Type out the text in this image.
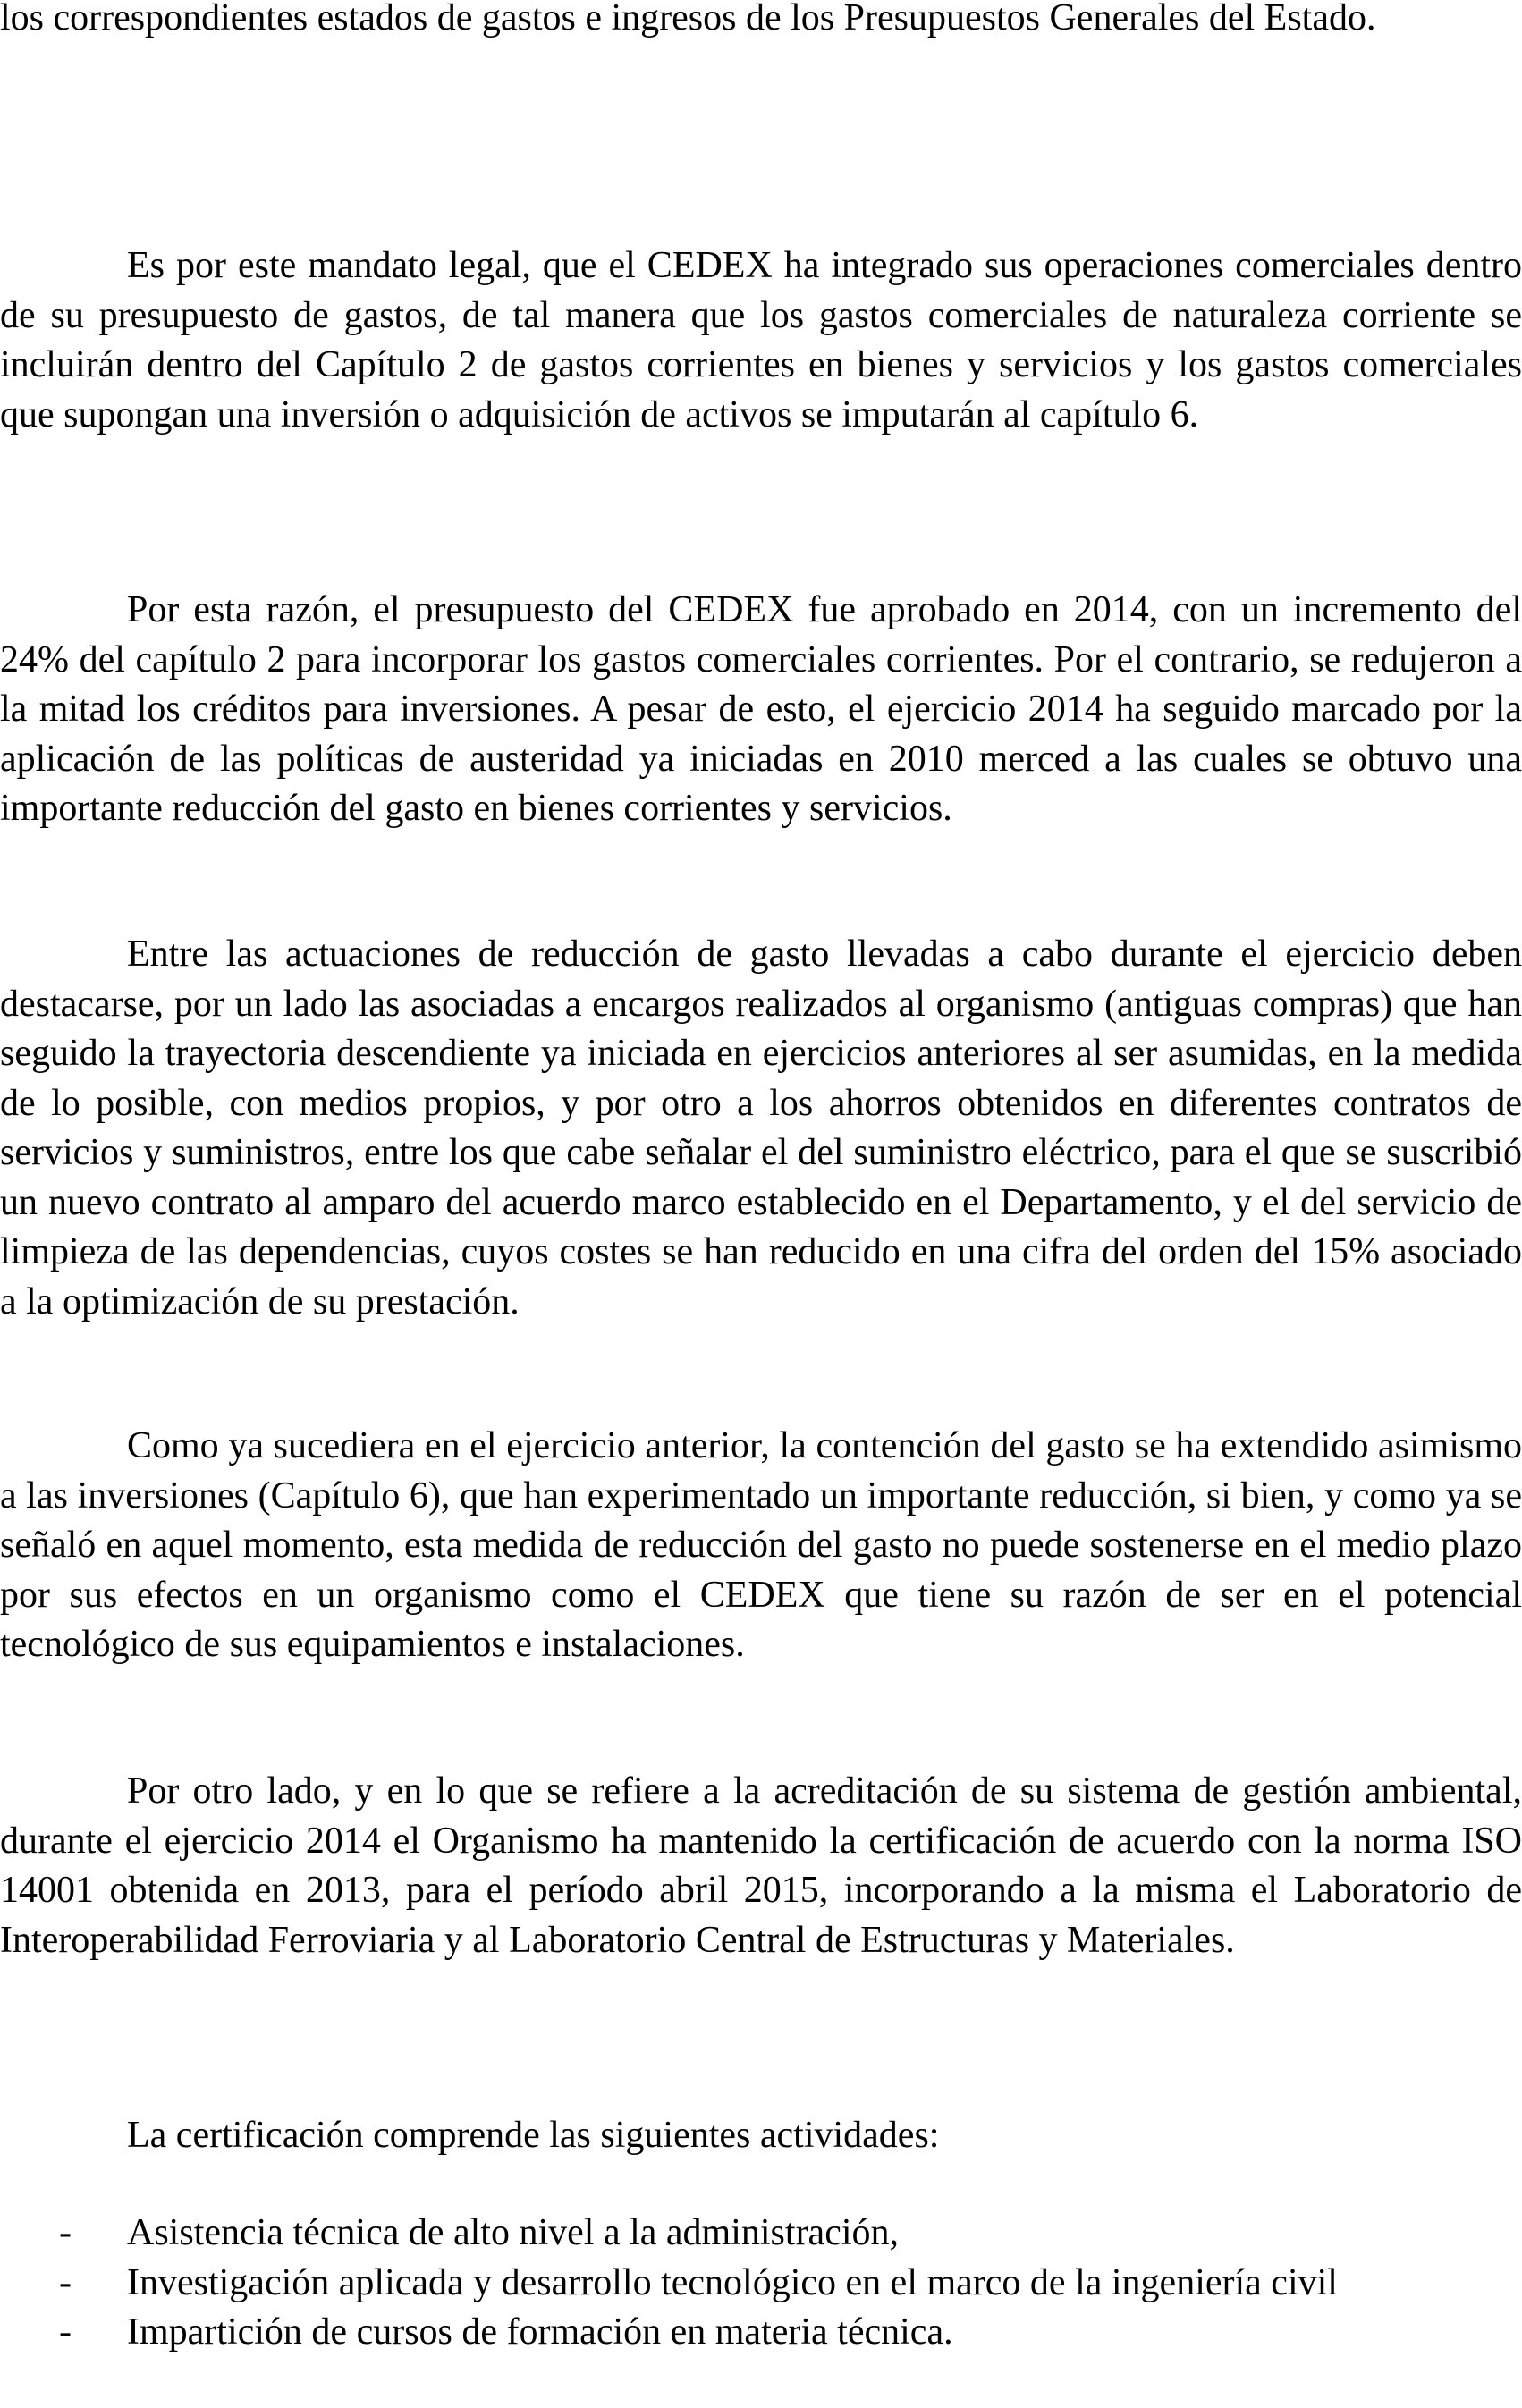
los correspondientes estados de gastos e ingresos de los Presupuestos Generales del Estado.

Es por este mandato legal, que el CEDEX ha integrado sus operaciones comerciales dentro de su presupuesto de gastos, de tal manera que los gastos comerciales de naturaleza corriente se incluirán dentro del Capítulo 2 de gastos corrientes en bienes y servicios y los gastos comerciales que supongan una inversión o adquisición de activos se imputarán al capítulo 6.

Por esta razón, el presupuesto del CEDEX fue aprobado en 2014, con un incremento del 24% del capítulo 2 para incorporar los gastos comerciales corrientes. Por el contrario, se redujeron a la mitad los créditos para inversiones. A pesar de esto, el ejercicio 2014 ha seguido marcado por la aplicación de las políticas de austeridad ya iniciadas en 2010 merced a las cuales se obtuvo una importante reducción del gasto en bienes corrientes y servicios.

Entre las actuaciones de reducción de gasto llevadas a cabo durante el ejercicio deben destacarse, por un lado las asociadas a encargos realizados al organismo (antiguas compras) que han seguido la trayectoria descendiente ya iniciada en ejercicios anteriores al ser asumidas, en la medida de lo posible, con medios propios, y por otro a los ahorros obtenidos en diferentes contratos de servicios y suministros, entre los que cabe señalar el del suministro eléctrico, para el que se suscribió un nuevo contrato al amparo del acuerdo marco establecido en el Departamento, y el del servicio de limpieza de las dependencias, cuyos costes se han reducido en una cifra del orden del 15% asociado a la optimización de su prestación.

Como ya sucediera en el ejercicio anterior, la contención del gasto se ha extendido asimismo a las inversiones (Capítulo 6), que han experimentado un importante reducción, si bien, y como ya se señaló en aquel momento, esta medida de reducción del gasto no puede sostenerse en el medio plazo por sus efectos en un organismo como el CEDEX que tiene su razón de ser en el potencial tecnológico de sus equipamientos e instalaciones.

Por otro lado, y en lo que se refiere a la acreditación de su sistema de gestión ambiental, durante el ejercicio 2014 el Organismo ha mantenido la certificación de acuerdo con la norma ISO 14001 obtenida en 2013, para el período abril 2015, incorporando a la misma el Laboratorio de Interoperabilidad Ferroviaria y al Laboratorio Central de Estructuras y Materiales.

La certificación comprende las siguientes actividades:

- Asistencia técnica de alto nivel a la administración,
- Investigación aplicada y desarrollo tecnológico en el marco de la ingeniería civil
- Impartición de cursos de formación en materia técnica.
